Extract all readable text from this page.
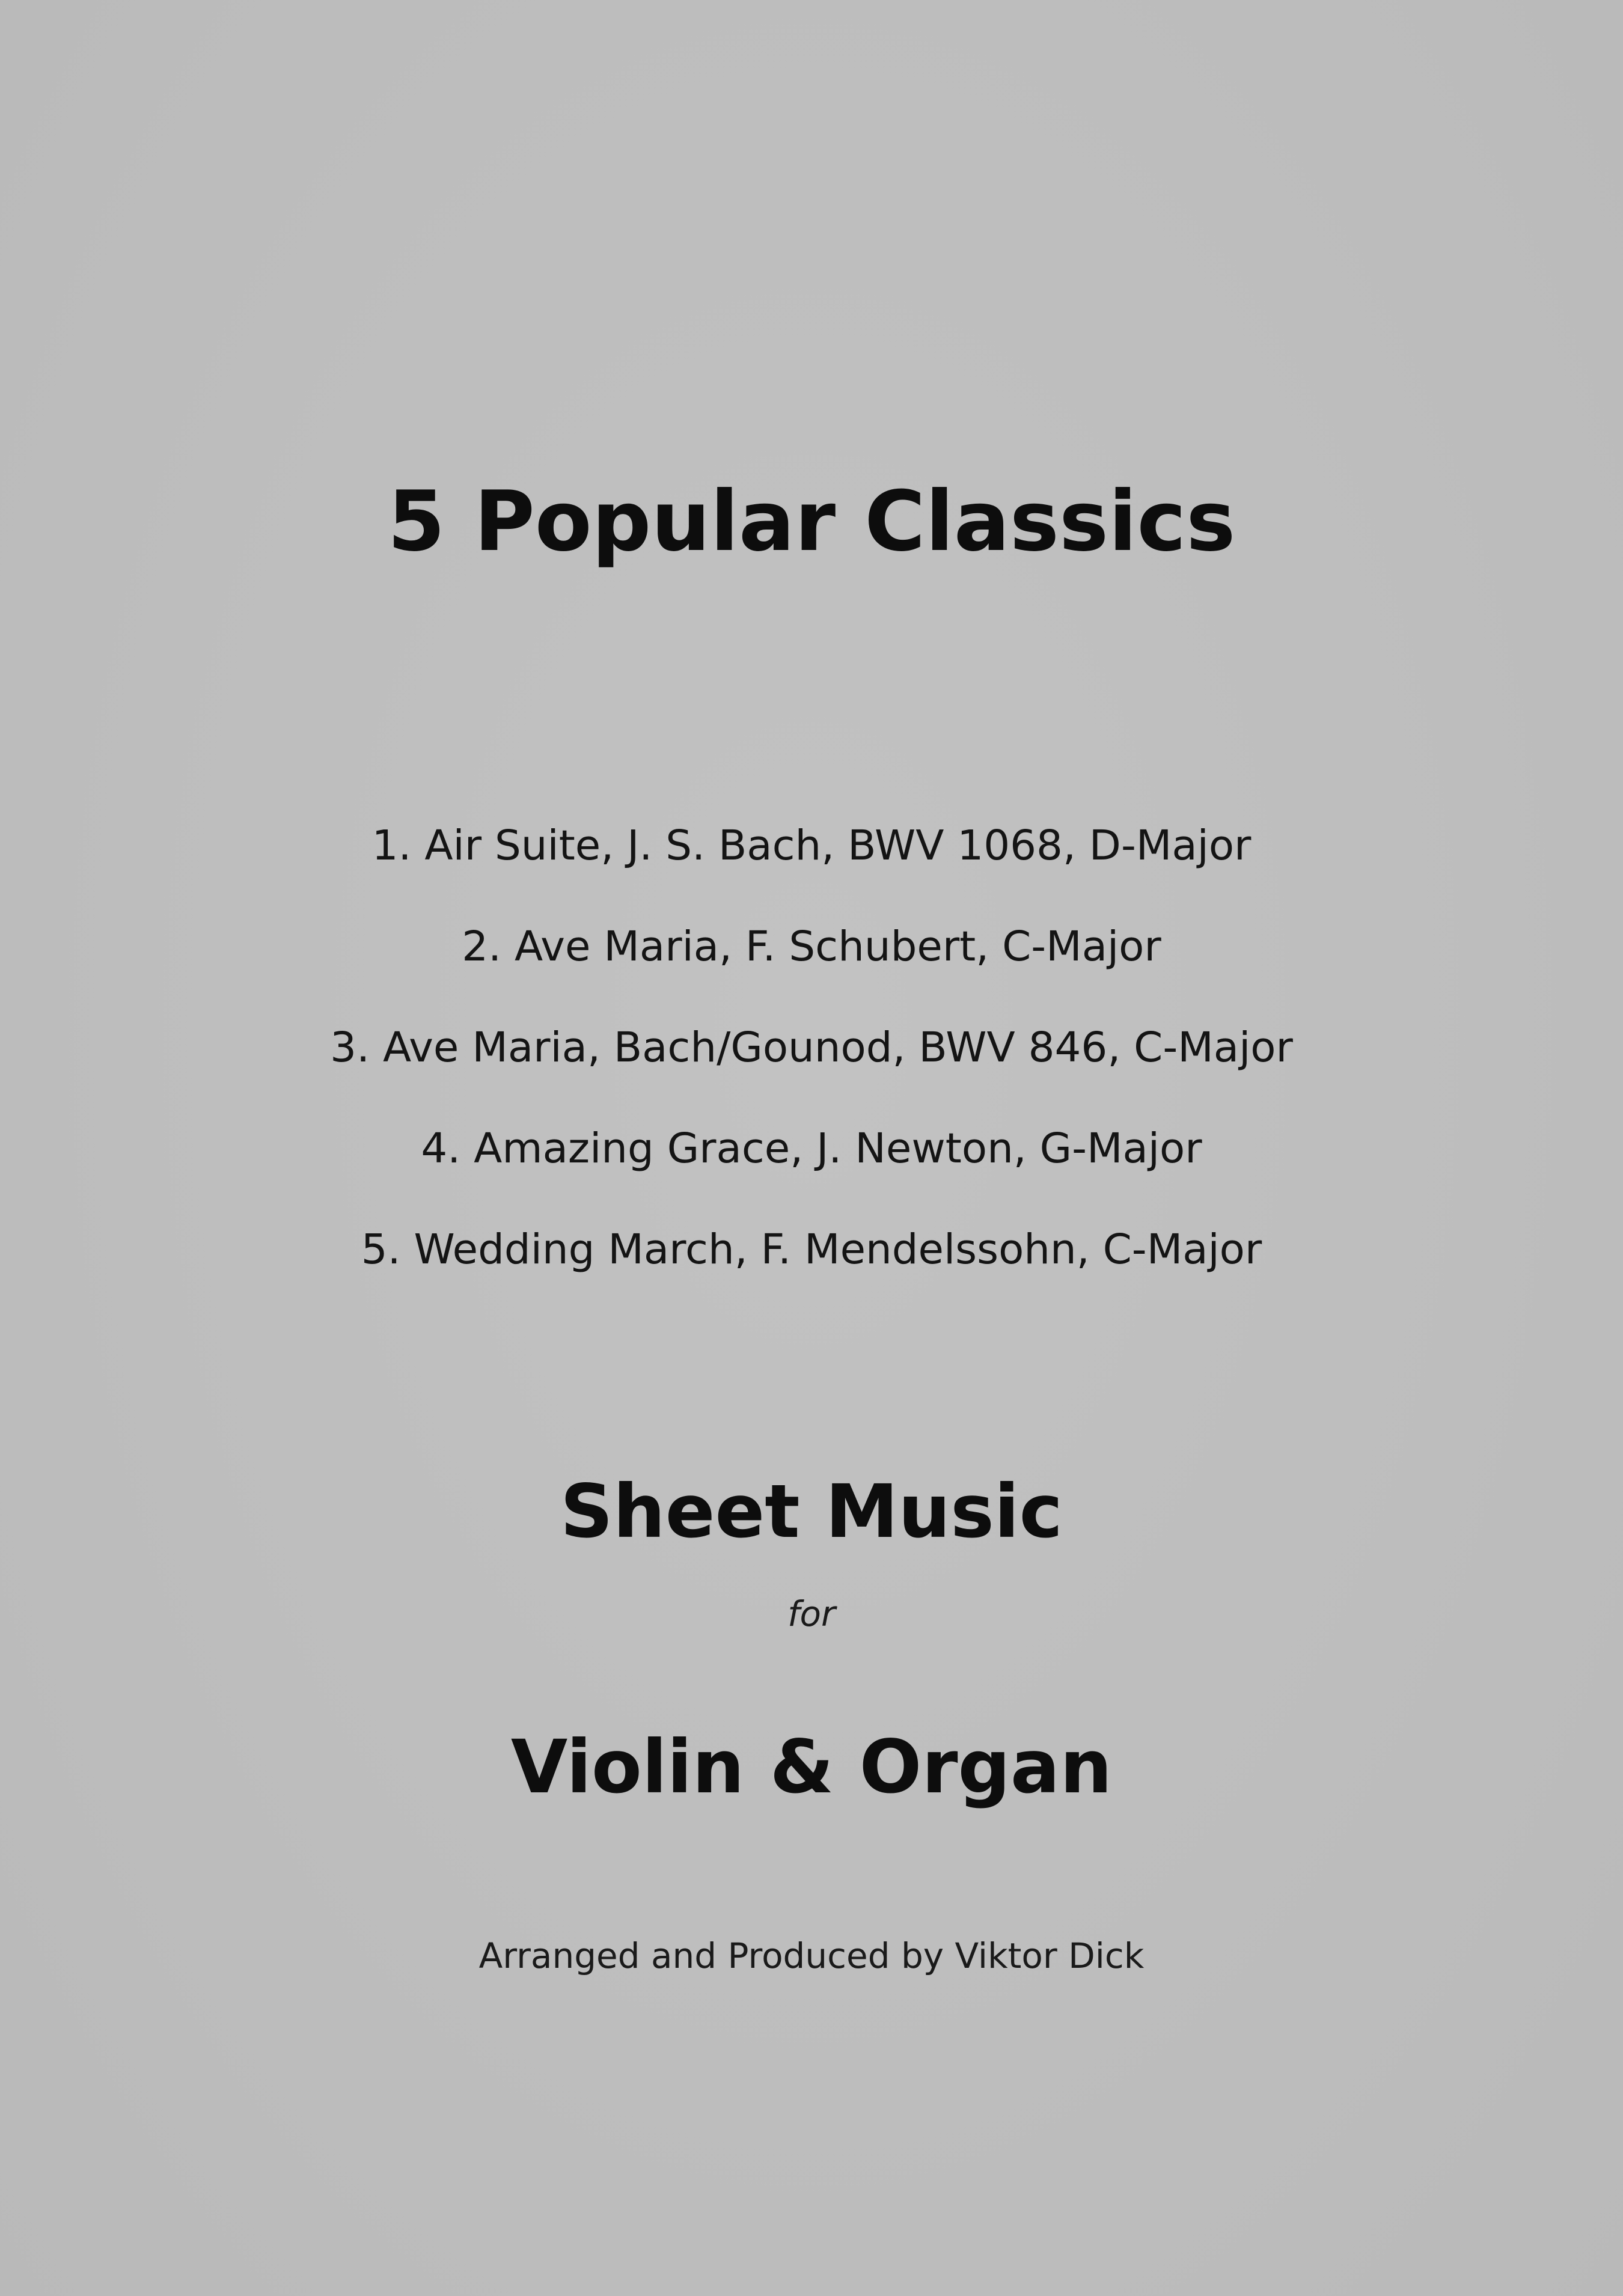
5 Popular Classics
1. Air Suite, J. S. Bach, BWV 1068, D-Major
2. Ave Maria, F. Schubert, C-Major
3. Ave Maria, Bach/Gounod, BWV 846, C-Major
4. Amazing Grace, J. Newton, G-Major
5. Wedding March, F. Mendelssohn, C-Major
Sheet Music

for

Violin & Organ

Arranged and Produced by Viktor Dick
